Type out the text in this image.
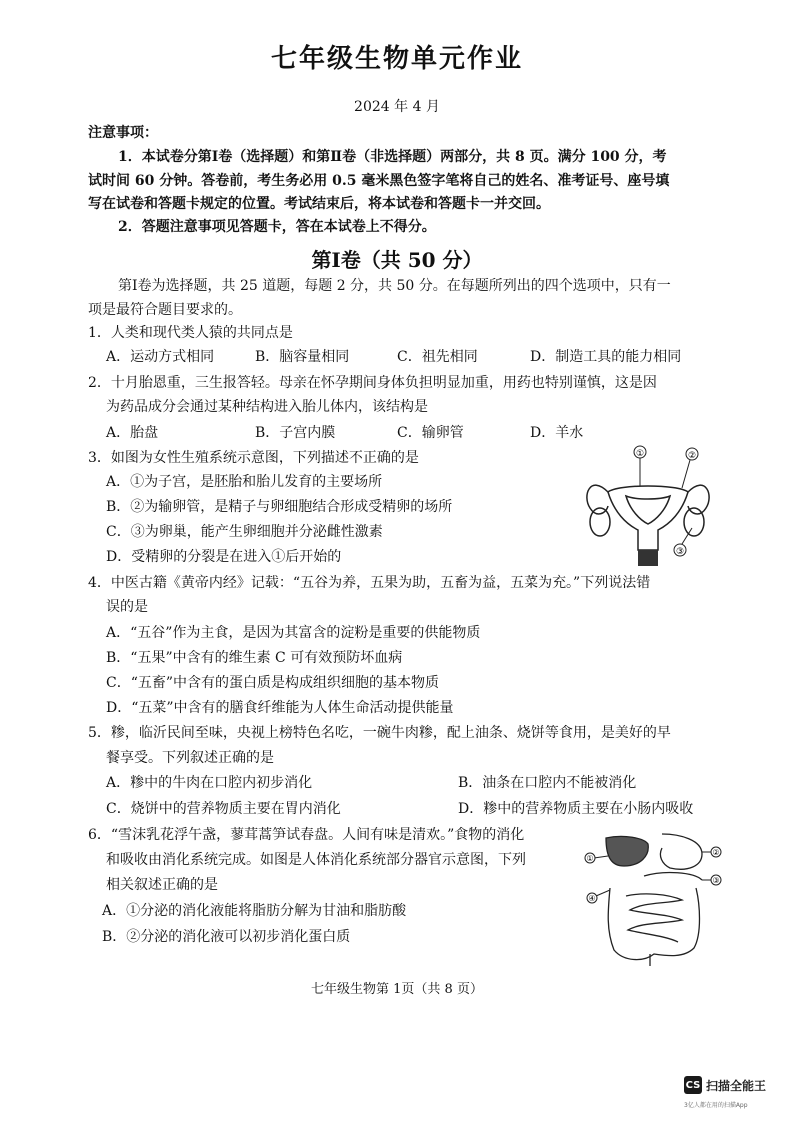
七年级生物单元作业
2024 年 4 月
注意事项：
1．本试卷分第Ⅰ卷（选择题）和第Ⅱ卷（非选择题）两部分，共 8 页。满分 100 分，考
试时间 60 分钟。答卷前，考生务必用 0.5 毫米黑色签字笔将自己的姓名、准考证号、座号填
写在试卷和答题卡规定的位置。考试结束后，将本试卷和答题卡一并交回。
2．答题注意事项见答题卡，答在本试卷上不得分。
第Ⅰ卷（共 50 分）
第Ⅰ卷为选择题，共 25 道题，每题 2 分，共 50 分。在每题所列出的四个选项中，只有一
项是最符合题目要求的。
1．人类和现代类人猿的共同点是
A．运动方式相同	B．脑容量相同	C．祖先相同	D．制造工具的能力相同
2．十月胎恩重，三生报答轻。母亲在怀孕期间身体负担明显加重，用药也特别谨慎，这是因
为药品成分会通过某种结构进入胎儿体内，该结构是
A．胎盘	B．子宫内膜	C．输卵管	D．羊水
3．如图为女性生殖系统示意图，下列描述不正确的是
A．①为子宫，是胚胎和胎儿发育的主要场所
B．②为输卵管，是精子与卵细胞结合形成受精卵的场所
C．③为卵巢，能产生卵细胞并分泌雌性激素
D．受精卵的分裂是在进入①后开始的
①	②
③
4．中医古籍《黄帝内经》记载：“五谷为养，五果为助，五畜为益，五菜为充。”下列说法错
误的是
A．“五谷”作为主食，是因为其富含的淀粉是重要的供能物质
B．“五果”中含有的维生素 C 可有效预防坏血病
C．“五畜”中含有的蛋白质是构成组织细胞的基本物质
D．“五菜”中含有的膳食纤维能为人体生命活动提供能量
5．糁，临沂民间至味，央视上榜特色名吃，一碗牛肉糁，配上油条、烧饼等食用，是美好的早
餐享受。下列叙述正确的是
A．糁中的牛肉在口腔内初步消化	B．油条在口腔内不能被消化
C．烧饼中的营养物质主要在胃内消化	D．糁中的营养物质主要在小肠内吸收
6．“雪沫乳花浮午盏，蓼茸蒿笋试春盘。人间有味是清欢。”食物的消化
和吸收由消化系统完成。如图是人体消化系统部分器官示意图，下列
相关叙述正确的是
A．①分泌的消化液能将脂肪分解为甘油和脂肪酸
B．②分泌的消化液可以初步消化蛋白质
①
②
③
④
七年级生物第 1页（共 8 页）
CS 扫描全能王
3亿人都在用的扫描App
